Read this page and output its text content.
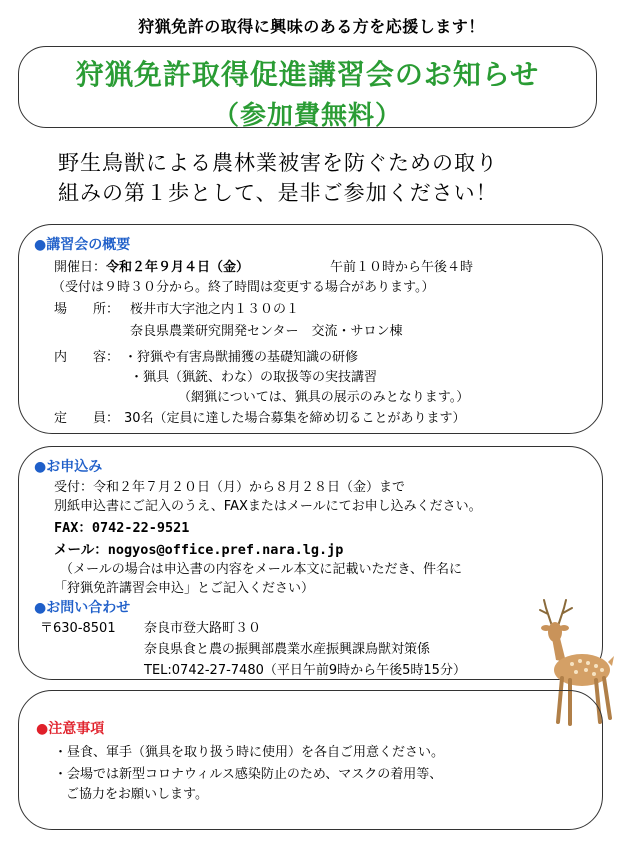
狩猟免許の取得に興味のある方を応援します！
狩猟免許取得促進講習会のお知らせ
（参加費無料）
野生鳥獣による農林業被害を防ぐための取り
組みの第１歩として、是非ご参加ください！
●講習会の概要
開催日：令和２年９月４日（金）	午前１０時から午後４時
（受付は９時３０分から。終了時間は変更する場合があります。）
場　　所： 桜井市大字池之内１３０の１
奈良県農業研究開発センター　交流・サロン棟
内　　容： ・狩猟や有害鳥獣捕獲の基礎知識の研修
・猟具（猟銃、わな）の取扱等の実技講習
（網猟については、猟具の展示のみとなります。）
定　　員： 30名（定員に達した場合募集を締め切ることがあります）
●お申込み
受付：令和２年７月２０日（月）から８月２８日（金）まで
別紙申込書にご記入のうえ、FAXまたはメールにてお申し込みください。
FAX：0742-22-9521
メール：nogyos@office.pref.nara.lg.jp
（メールの場合は申込書の内容をメール本文に記載いただき、件名に
「狩猟免許講習会申込」とご記入ください）
●お問い合わせ
〒630-8501 奈良市登大路町３０
奈良県食と農の振興部農業水産振興課鳥獣対策係
TEL:0742-27-7480（平日午前9時から午後5時15分）
●注意事項
・昼食、軍手（猟具を取り扱う時に使用）を各自ご用意ください。
・会場では新型コロナウィルス感染防止のため、マスクの着用等、
ご協力をお願いします。
